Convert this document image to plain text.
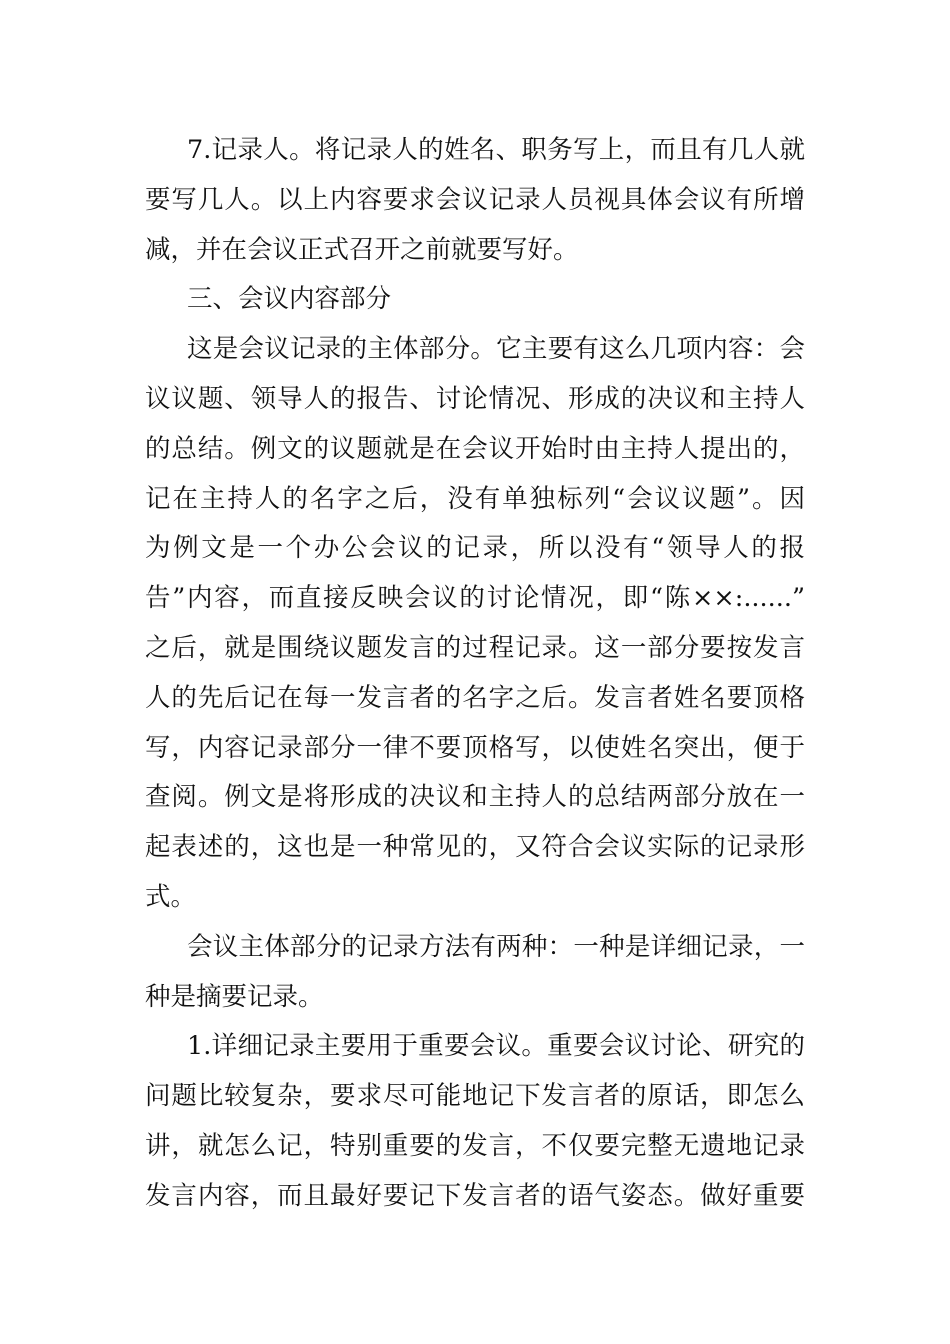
7.记录人。将记录人的姓名、职务写上，而且有几人就
要写几人。以上内容要求会议记录人员视具体会议有所增
减，并在会议正式召开之前就要写好。
三、会议内容部分
这是会议记录的主体部分。它主要有这么几项内容：会
议议题、领导人的报告、讨论情况、形成的决议和主持人
的总结。例文的议题就是在会议开始时由主持人提出的，
记在主持人的名字之后，没有单独标列“会议议题”。因
为例文是一个办公会议的记录，所以没有“领导人的报
告”内容，而直接反映会议的讨论情况，即“陈××:......”
之后，就是围绕议题发言的过程记录。这一部分要按发言
人的先后记在每一发言者的名字之后。发言者姓名要顶格
写，内容记录部分一律不要顶格写，以使姓名突出，便于
查阅。例文是将形成的决议和主持人的总结两部分放在一
起表述的，这也是一种常见的，又符合会议实际的记录形
式。
会议主体部分的记录方法有两种：一种是详细记录，一
种是摘要记录。
1.详细记录主要用于重要会议。重要会议讨论、研究的
问题比较复杂，要求尽可能地记下发言者的原话，即怎么
讲，就怎么记，特别重要的发言，不仅要完整无遗地记录
发言内容，而且最好要记下发言者的语气姿态。做好重要
